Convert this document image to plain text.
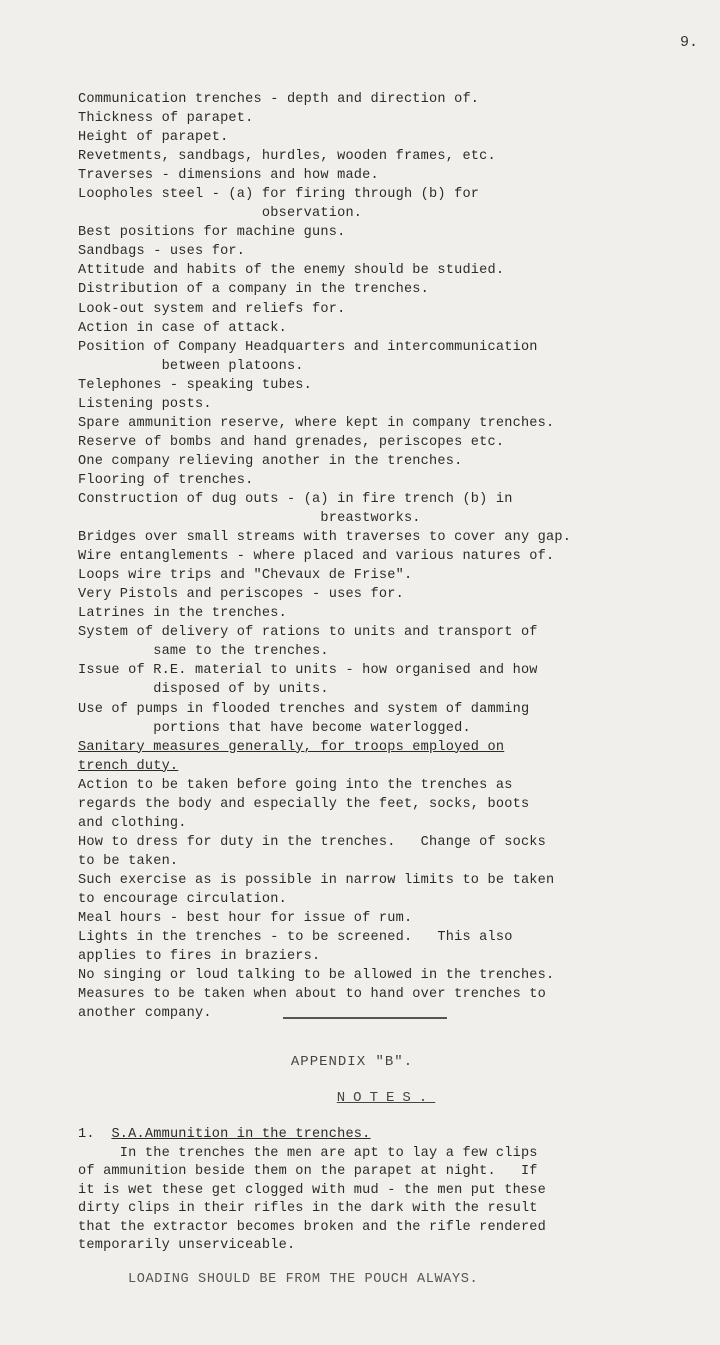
9.
Communication trenches - depth and direction of.
Thickness of parapet.
Height of parapet.
Revetments, sandbags, hurdles, wooden frames, etc.
Traverses - dimensions and how made.
Loopholes steel - (a) for firing through (b) for
observation.
Best positions for machine guns.
Sandbags - uses for.
Attitude and habits of the enemy should be studied.
Distribution of a company in the trenches.
Look-out system and reliefs for.
Action in case of attack.
Position of Company Headquarters and intercommunication
between platoons.
Telephones - speaking tubes.
Listening posts.
Spare ammunition reserve, where kept in company trenches.
Reserve of bombs and hand grenades, periscopes etc.
One company relieving another in the trenches.
Flooring of trenches.
Construction of dug outs - (a) in fire trench (b) in
breastworks.
Bridges over small streams with traverses to cover any gap.
Wire entanglements - where placed and various natures of.
Loops wire trips and "Chevaux de Frise".
Very Pistols and periscopes - uses for.
Latrines in the trenches.
System of delivery of rations to units and transport of
same to the trenches.
Issue of R.E. material to units - how organised and how
disposed of by units.
Use of pumps in flooded trenches and system of damming
portions that have become waterlogged.
Sanitary measures generally, for troops employed on
trench duty.
Action to be taken before going into the trenches as
regards the body and especially the feet, socks, boots
and clothing.
How to dress for duty in the trenches.   Change of socks
to be taken.
Such exercise as is possible in narrow limits to be taken
to encourage circulation.
Meal hours - best hour for issue of rum.
Lights in the trenches - to be screened.   This also
applies to fires in braziers.
No singing or loud talking to be allowed in the trenches.
Measures to be taken when about to hand over trenches to
another company.
APPENDIX "B".
NOTES.
1. S.A.Ammunition in the trenches.
In the trenches the men are apt to lay a few clips
of ammunition beside them on the parapet at night.   If
it is wet these get clogged with mud - the men put these
dirty clips in their rifles in the dark with the result
that the extractor becomes broken and the rifle rendered
temporarily unserviceable.
LOADING SHOULD BE FROM THE POUCH ALWAYS.
